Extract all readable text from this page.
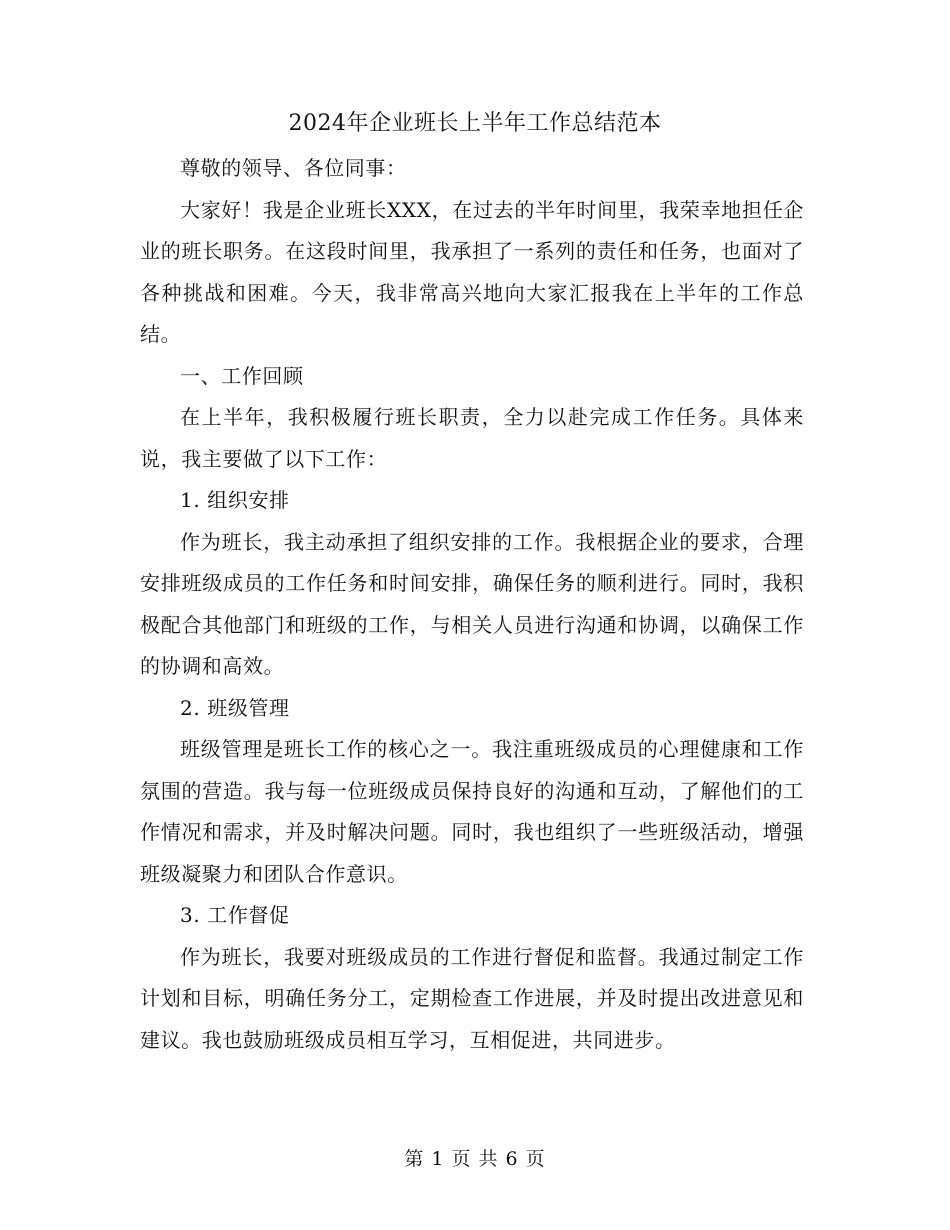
2024年企业班长上半年工作总结范本

尊敬的领导、各位同事：

大家好！我是企业班长XXX，在过去的半年时间里，我荣幸地担任企业的班长职务。在这段时间里，我承担了一系列的责任和任务，也面对了各种挑战和困难。今天，我非常高兴地向大家汇报我在上半年的工作总结。

一、工作回顾

在上半年，我积极履行班长职责，全力以赴完成工作任务。具体来说，我主要做了以下工作：

1. 组织安排

作为班长，我主动承担了组织安排的工作。我根据企业的要求，合理安排班级成员的工作任务和时间安排，确保任务的顺利进行。同时，我积极配合其他部门和班级的工作，与相关人员进行沟通和协调，以确保工作的协调和高效。

2. 班级管理

班级管理是班长工作的核心之一。我注重班级成员的心理健康和工作氛围的营造。我与每一位班级成员保持良好的沟通和互动，了解他们的工作情况和需求，并及时解决问题。同时，我也组织了一些班级活动，增强班级凝聚力和团队合作意识。

3. 工作督促

作为班长，我要对班级成员的工作进行督促和监督。我通过制定工作计划和目标，明确任务分工，定期检查工作进展，并及时提出改进意见和建议。我也鼓励班级成员相互学习，互相促进，共同进步。

第 1 页 共 6 页
